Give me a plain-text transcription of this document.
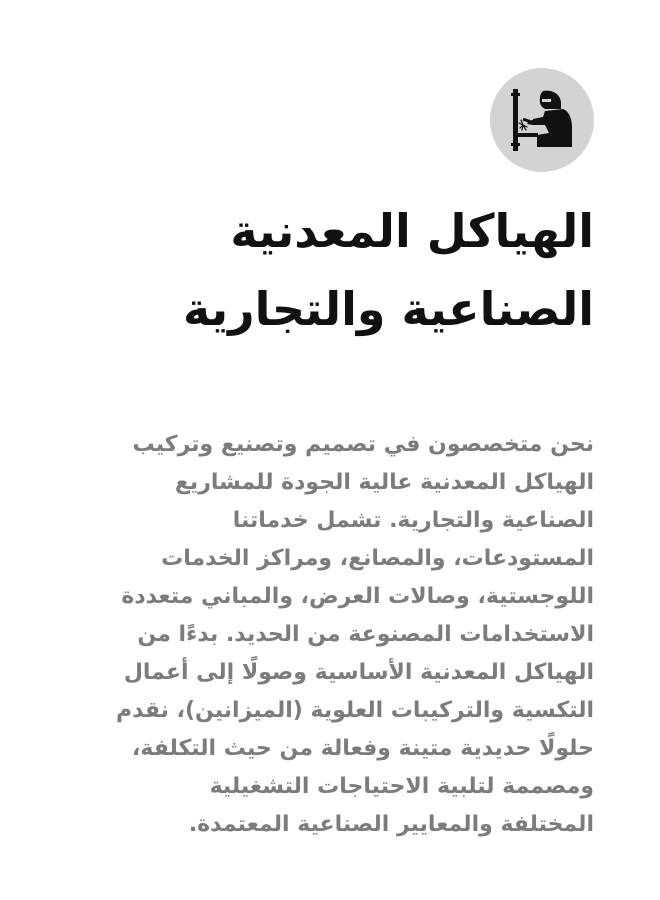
الهياكل المعدنية
الصناعية والتجارية

نحن متخصصون في تصميم وتصنيع وتركيب
الهياكل المعدنية عالية الجودة للمشاريع
الصناعية والتجارية. تشمل خدماتنا
المستودعات، والمصانع، ومراكز الخدمات
اللوجستية، وصالات العرض، والمباني متعددة
الاستخدامات المصنوعة من الحديد. بدءًا من
الهياكل المعدنية الأساسية وصولًا إلى أعمال
التكسية والتركيبات العلوية (الميزانين)، نقدم
حلولًا حديدية متينة وفعالة من حيث التكلفة،
ومصممة لتلبية الاحتياجات التشغيلية
المختلفة والمعايير الصناعية المعتمدة.
